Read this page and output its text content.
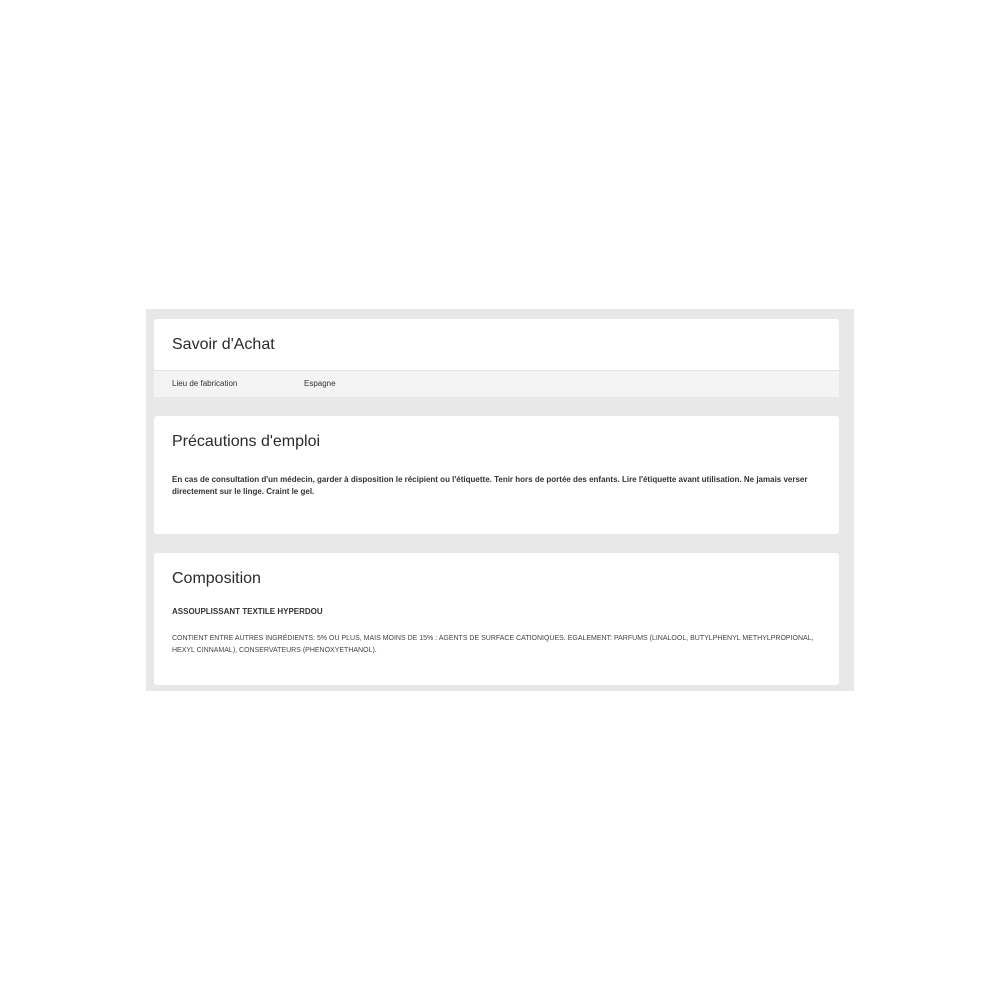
Savoir d'Achat
Lieu de fabrication	Espagne
Précautions d'emploi

En cas de consultation d'un médecin, garder à disposition le récipient ou l'étiquette. Tenir hors de portée des enfants. Lire l'étiquette avant utilisation. Ne jamais verser directement sur le linge. Craint le gel.

Composition
ASSOUPLISSANT TEXTILE HYPERDOU

CONTIENT ENTRE AUTRES INGRÉDIENTS: 5% OU PLUS, MAIS MOINS DE 15% : AGENTS DE SURFACE CATIONIQUES. EGALEMENT: PARFUMS (LINALOOL, BUTYLPHENYL METHYLPROPIONAL, HEXYL CINNAMAL), CONSERVATEURS (PHENOXYETHANOL).
